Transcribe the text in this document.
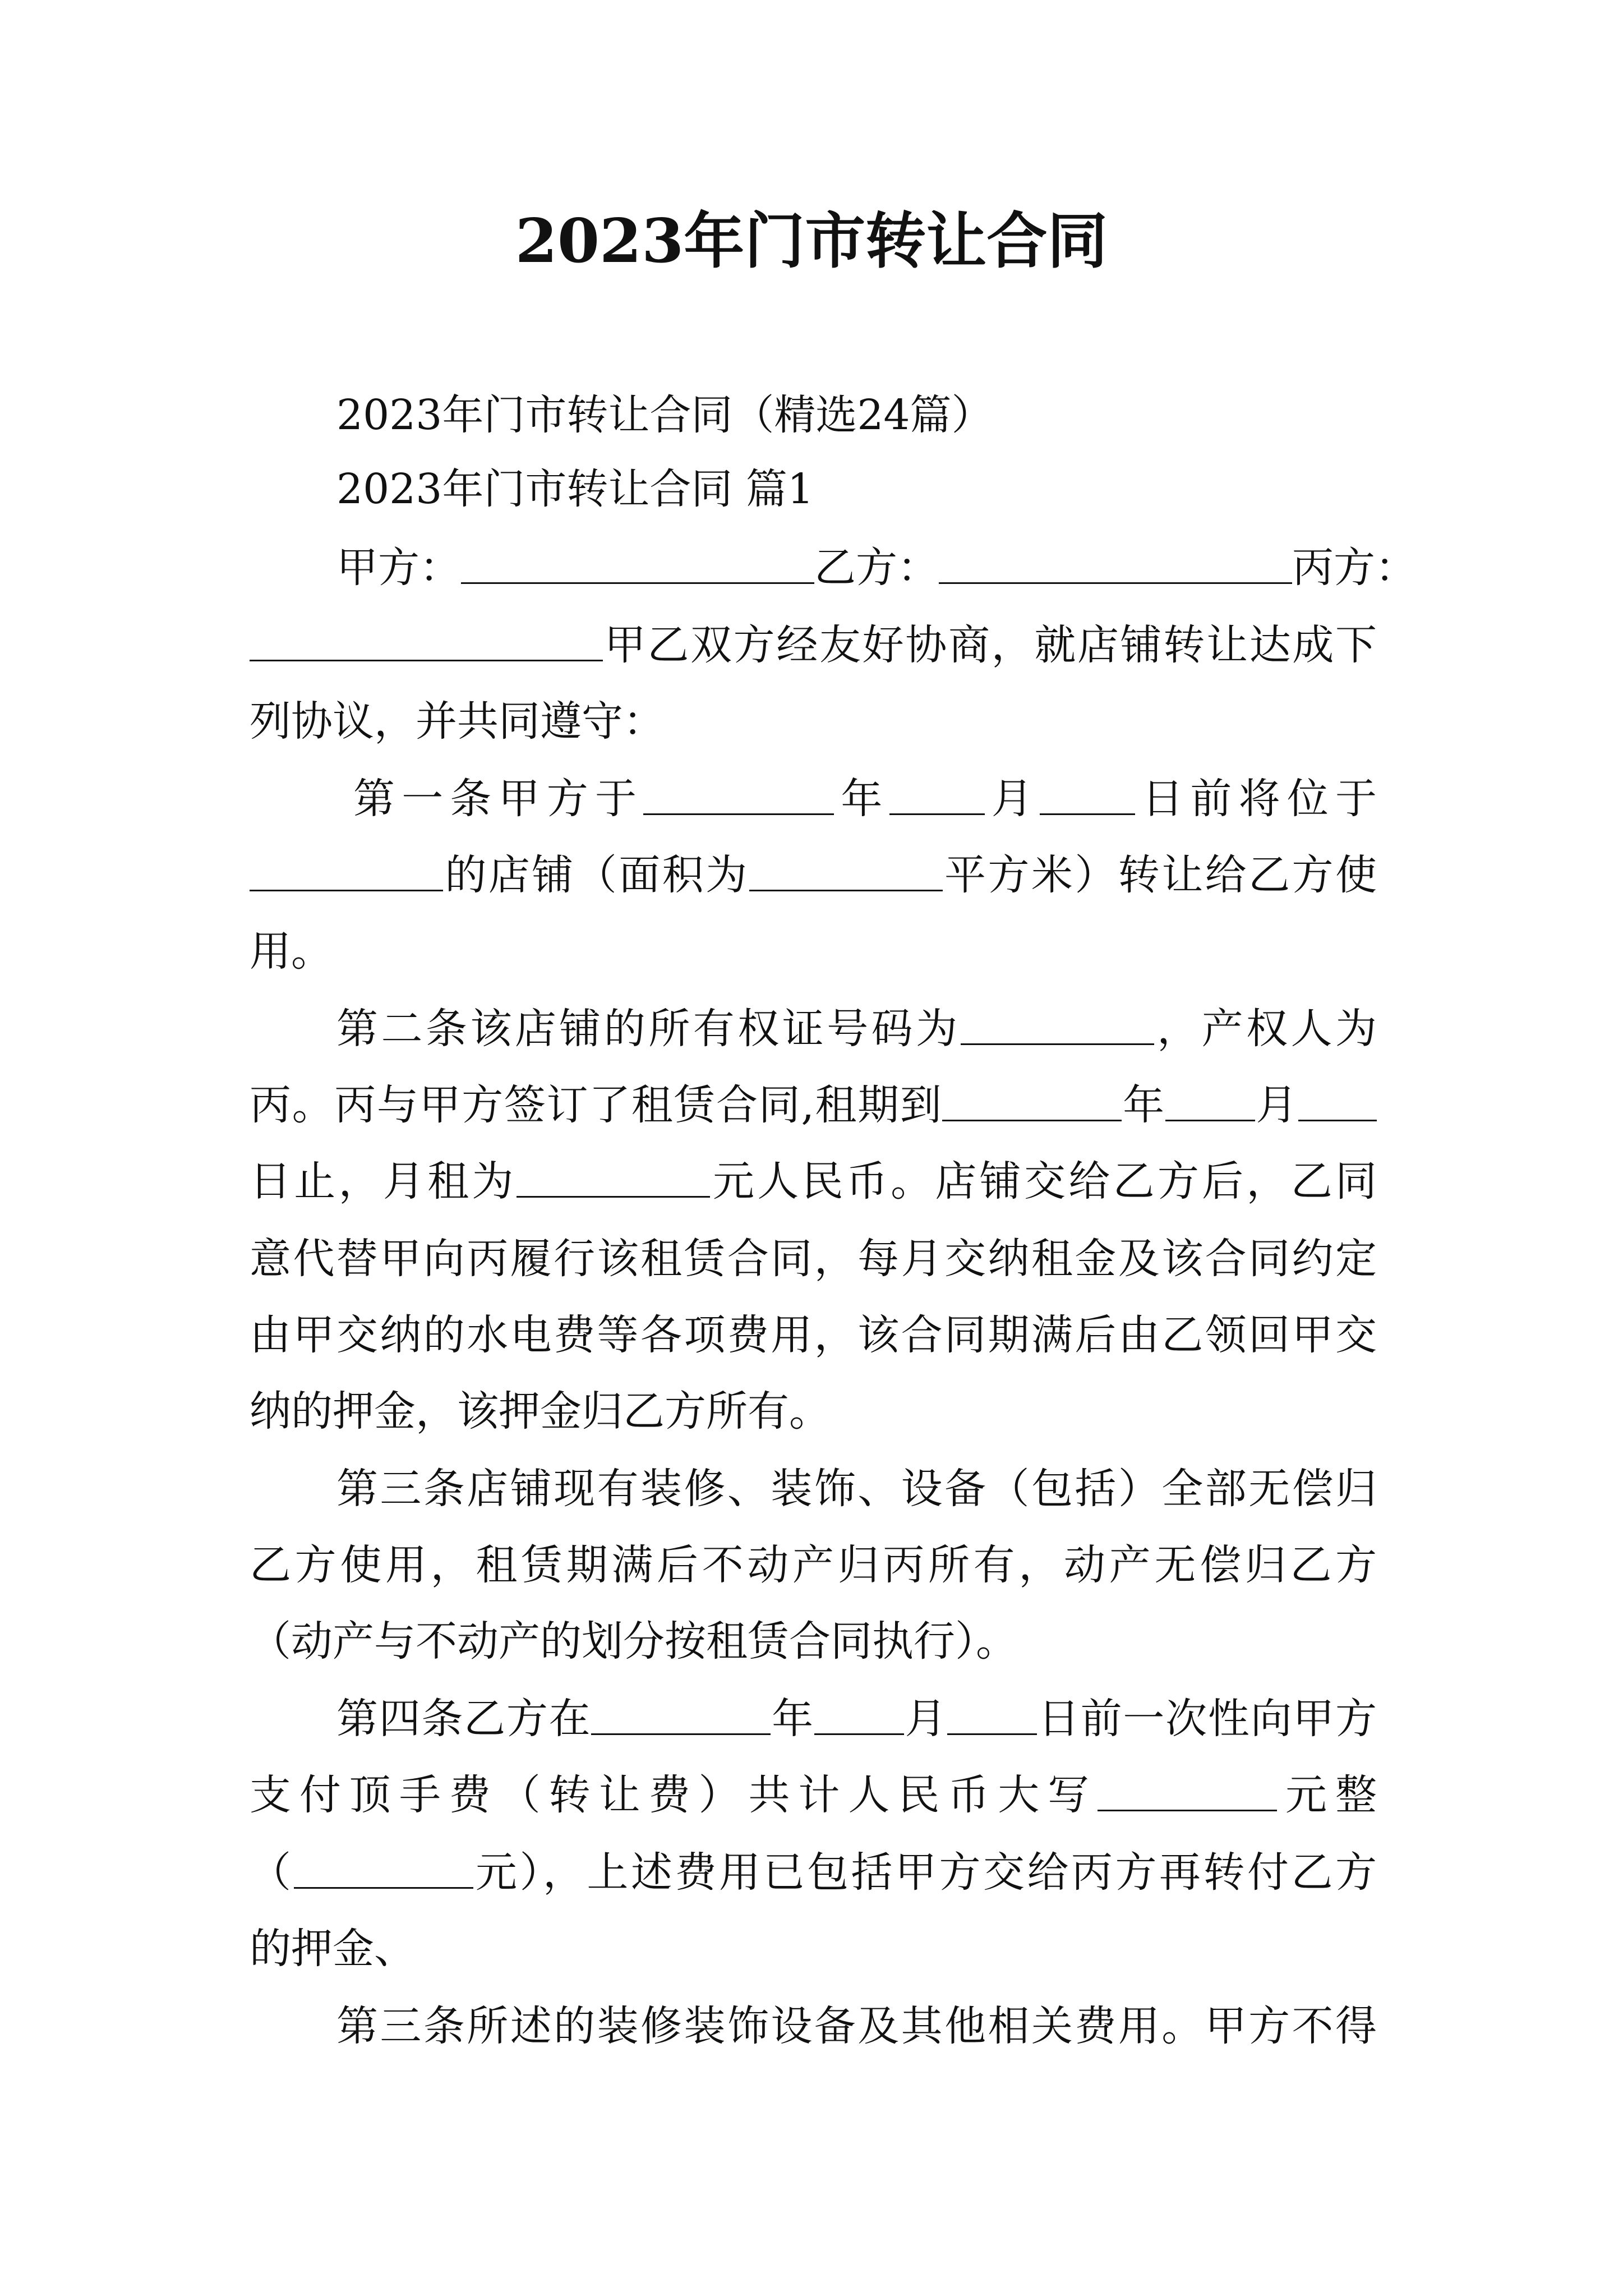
2023年门市转让合同
2023年门市转让合同（精选24篇）
2023年门市转让合同 篇1
甲方：	乙方：	丙方：
甲乙双方经友好协商，就店铺转让达成下
列协议，并共同遵守：
第一条甲方于	年 月 日前将位于
的店铺（面积为	平方米）转让给乙方使
用。
第二条该店铺的所有权证号码为	，产权人为
丙。丙与甲方签订了租赁合同,租期到	年 月
日止，月租为	元人民币。店铺交给乙方后，乙同
意代替甲向丙履行该租赁合同，每月交纳租金及该合同约定
由甲交纳的水电费等各项费用，该合同期满后由乙领回甲交
纳的押金，该押金归乙方所有。
第三条店铺现有装修、装饰、设备（包括）全部无偿归
乙方使用，租赁期满后不动产归丙所有，动产无偿归乙方
（动产与不动产的划分按租赁合同执行）。
第四条乙方在	年 月 日前一次性向甲方
支付顶手费（转让费）共计人民币大写	元整
（	元），上述费用已包括甲方交给丙方再转付乙方
的押金、
第三条所述的装修装饰设备及其他相关费用。甲方不得
